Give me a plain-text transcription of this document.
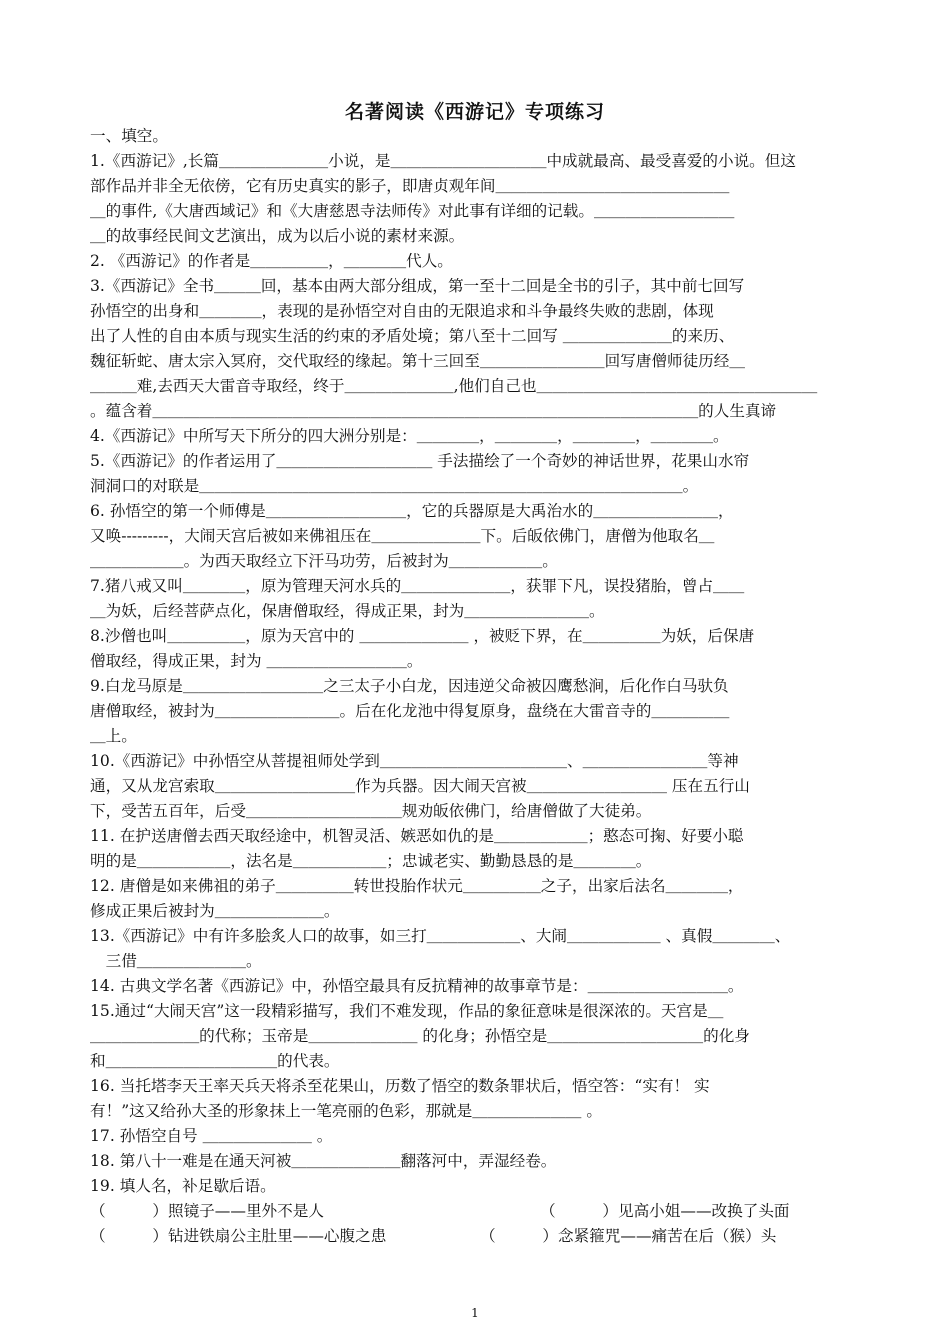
名著阅读《西游记》专项练习
一、填空。
1.《西游记》,长篇＿＿＿＿＿＿＿小说，是＿＿＿＿＿＿＿＿＿＿中成就最高、最受喜爱的小说。但这
部作品并非全无依傍，它有历史真实的影子，即唐贞观年间＿＿＿＿＿＿＿＿＿＿＿＿＿＿＿
＿的事件,《大唐西域记》和《大唐慈恩寺法师传》对此事有详细的记载。＿＿＿＿＿＿＿＿＿
＿的故事经民间文艺演出，成为以后小说的素材来源。
2. 《西游记》的作者是＿＿＿＿＿，＿＿＿＿代人。
3.《西游记》全书＿＿＿回，基本由两大部分组成，第一至十二回是全书的引子，其中前七回写
孙悟空的出身和＿＿＿＿，表现的是孙悟空对自由的无限追求和斗争最终失败的悲剧，体现
出了人性的自由本质与现实生活的约束的矛盾处境；第八至十二回写 ＿＿＿＿＿＿＿的来历、
魏征斩蛇、唐太宗入冥府，交代取经的缘起。第十三回至＿＿＿＿＿＿＿＿回写唐僧师徒历经＿
＿＿＿难,去西天大雷音寺取经，终于＿＿＿＿＿＿＿,他们自己也＿＿＿＿＿＿＿＿＿＿＿＿＿＿＿＿＿＿
。蕴含着＿＿＿＿＿＿＿＿＿＿＿＿＿＿＿＿＿＿＿＿＿＿＿＿＿＿＿＿＿＿＿＿＿＿＿的人生真谛
4.《西游记》中所写天下所分的四大洲分别是：＿＿＿＿，＿＿＿＿，＿＿＿＿，＿＿＿＿。
5.《西游记》的作者运用了＿＿＿＿＿＿＿＿＿＿ 手法描绘了一个奇妙的神话世界，花果山水帘
洞洞口的对联是＿＿＿＿＿＿＿＿＿＿＿＿＿＿＿＿＿＿＿＿＿＿＿＿＿＿＿＿＿＿＿。
6. 孙悟空的第一个师傅是＿＿＿＿＿＿＿＿＿，它的兵器原是大禹治水的＿＿＿＿＿＿＿＿，
又唤---------，大闹天宫后被如来佛祖压在＿＿＿＿＿＿＿下。后皈依佛门，唐僧为他取名＿
＿＿＿＿＿＿。为西天取经立下汗马功劳，后被封为＿＿＿＿＿＿。
7.猪八戒又叫＿＿＿＿，原为管理天河水兵的＿＿＿＿＿＿＿，获罪下凡，误投猪胎，曾占＿＿
＿为妖，后经菩萨点化，保唐僧取经，得成正果，封为＿＿＿＿＿＿＿＿。
8.沙僧也叫＿＿＿＿＿，原为天宫中的 ＿＿＿＿＿＿＿ ，被贬下界，在＿＿＿＿＿为妖，后保唐
僧取经，得成正果，封为 ＿＿＿＿＿＿＿＿＿。
9.白龙马原是＿＿＿＿＿＿＿＿＿之三太子小白龙，因违逆父命被囚鹰愁涧，后化作白马驮负
唐僧取经，被封为＿＿＿＿＿＿＿＿。后在化龙池中得复原身，盘绕在大雷音寺的＿＿＿＿＿
＿上。
10.《西游记》中孙悟空从菩提祖师处学到＿＿＿＿＿＿＿＿＿＿＿＿、＿＿＿＿＿＿＿＿等神
通，又从龙宫索取＿＿＿＿＿＿＿＿＿作为兵器。因大闹天宫被＿＿＿＿＿＿＿＿＿ 压在五行山
下，受苦五百年，后受＿＿＿＿＿＿＿＿＿＿规劝皈依佛门，给唐僧做了大徒弟。
11. 在护送唐僧去西天取经途中，机智灵活、嫉恶如仇的是＿＿＿＿＿＿；憨态可掬、好要小聪
明的是＿＿＿＿＿＿，法名是＿＿＿＿＿＿；忠诚老实、勤勤恳恳的是＿＿＿＿。
12. 唐僧是如来佛祖的弟子＿＿＿＿＿转世投胎作状元＿＿＿＿＿之子，出家后法名＿＿＿＿，
修成正果后被封为＿＿＿＿＿＿＿。
13.《西游记》中有许多脍炙人口的故事，如三打＿＿＿＿＿＿、大闹＿＿＿＿＿＿ 、真假＿＿＿＿、
　三借＿＿＿＿＿＿＿。
14. 古典文学名著《西游记》中，孙悟空最具有反抗精神的故事章节是：＿＿＿＿＿＿＿＿＿。
15.通过“大闹天宫”这一段精彩描写，我们不难发现，作品的象征意味是很深浓的。天宫是＿
＿＿＿＿＿＿＿的代称；玉帝是＿＿＿＿＿＿＿ 的化身；孙悟空是＿＿＿＿＿＿＿＿＿＿的化身
和＿＿＿＿＿＿＿＿＿＿＿的代表。
16. 当托塔李天王率天兵天将杀至花果山，历数了悟空的数条罪状后，悟空答：“实有！ 实
有！”这又给孙大圣的形象抹上一笔亮丽的色彩，那就是＿＿＿＿＿＿＿ 。
17. 孙悟空自号 ＿＿＿＿＿＿＿ 。
18. 第八十一难是在通天河被＿＿＿＿＿＿＿翻落河中，弄湿经卷。
19. 填人名，补足歇后语。
（　　　）照镜子——里外不是人	（　　　）见高小姐——改换了头面
（　　　）钻进铁扇公主肚里——心腹之患	（　　　）念紧箍咒——痛苦在后（猴）头
1
